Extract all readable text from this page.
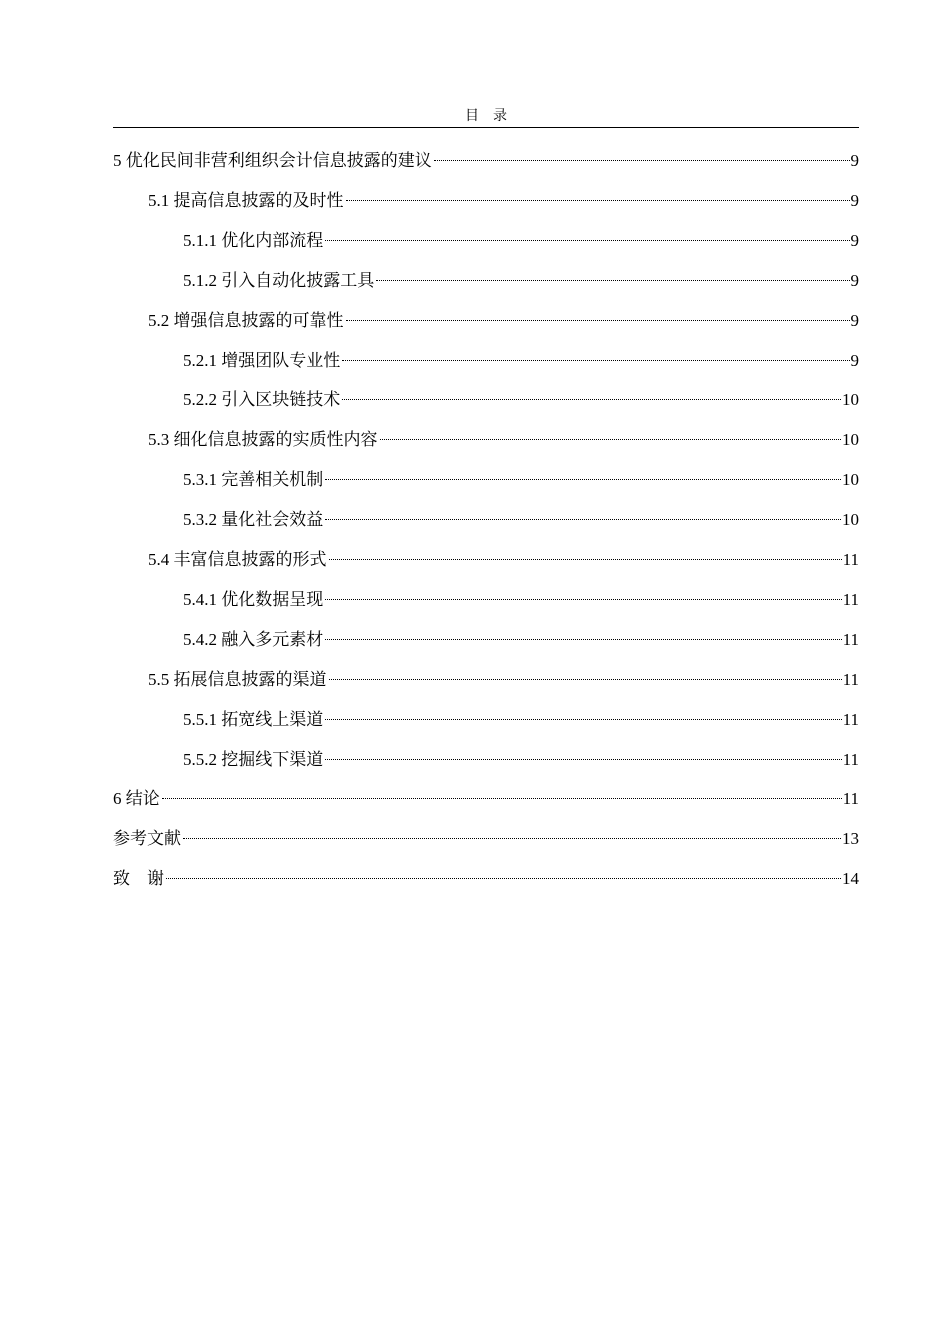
目　录
5 优化民间非营利组织会计信息披露的建议	9
5.1 提高信息披露的及时性	9
5.1.1 优化内部流程	9
5.1.2 引入自动化披露工具	9
5.2 增强信息披露的可靠性	9
5.2.1 增强团队专业性	9
5.2.2 引入区块链技术	10
5.3 细化信息披露的实质性内容	10
5.3.1 完善相关机制	10
5.3.2 量化社会效益	10
5.4 丰富信息披露的形式	11
5.4.1 优化数据呈现	11
5.4.2 融入多元素材	11
5.5 拓展信息披露的渠道	11
5.5.1 拓宽线上渠道	11
5.5.2 挖掘线下渠道	11
6 结论	11
参考文献	13
致　谢	14
